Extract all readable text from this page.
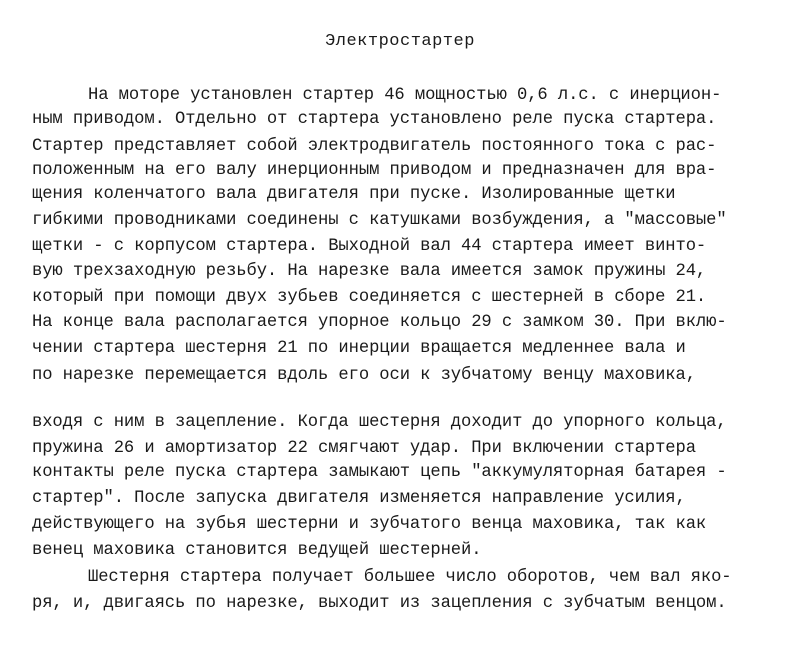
Электростартер
На моторе установлен стартер 46 мощностью 0,6 л.с. с инерцион-
ным приводом. Отдельно от стартера установлено реле пуска стартера.
Стартер представляет собой электродвигатель постоянного тока с рас-
положенным на его валу инерционным приводом и предназначен для вра-
щения коленчатого вала двигателя при пуске. Изолированные щетки
гибкими проводниками соединены с катушками возбуждения, а "массовые"
щетки - с корпусом стартера. Выходной вал 44 стартера имеет винто-
вую трехзаходную резьбу. На нарезке вала имеется замок пружины 24,
который при помощи двух зубьев соединяется с шестерней в сборе 21.
На конце вала располагается упорное кольцо 29 с замком 30. При вклю-
чении стартера шестерня 21 по инерции вращается медленнее вала и
по нарезке перемещается вдоль его оси к зубчатому венцу маховика,
входя с ним в зацепление. Когда шестерня доходит до упорного кольца,
пружина 26 и амортизатор 22 смягчают удар. При включении стартера
контакты реле пуска стартера замыкают цепь "аккумуляторная батарея -
стартер". После запуска двигателя изменяется направление усилия,
действующего на зубья шестерни и зубчатого венца маховика, так как
венец маховика становится ведущей шестерней.
Шестерня стартера получает большее число оборотов, чем вал яко-
ря, и, двигаясь по нарезке, выходит из зацепления с зубчатым венцом.
